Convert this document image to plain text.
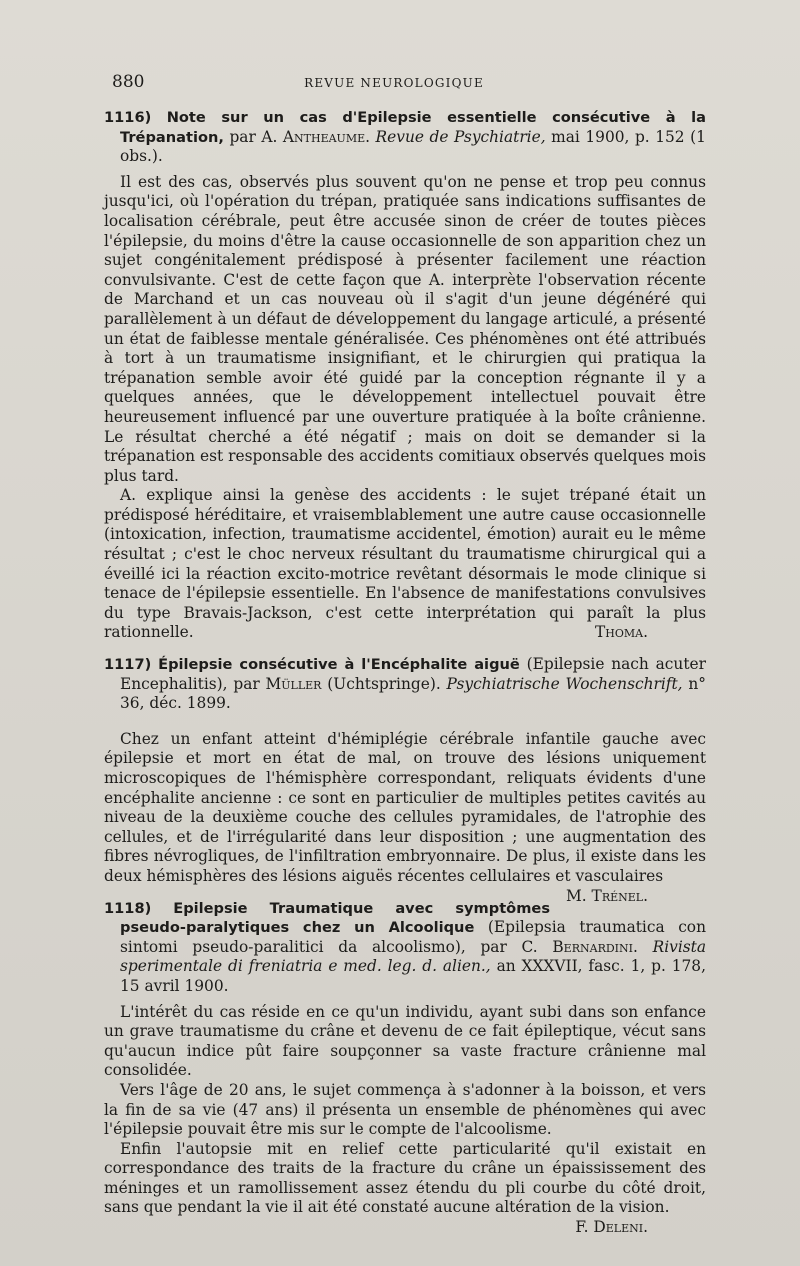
880	REVUE NEUROLOGIQUE

1116) Note sur un cas d'Epilepsie essentielle consécutive à la Trépanation, par A. Antheaume. Revue de Psychiatrie, mai 1900, p. 152 (1 obs.).

Il est des cas, observés plus souvent qu'on ne pense et trop peu connus jusqu'ici, où l'opération du trépan, pratiquée sans indications suffisantes de localisation cérébrale, peut être accusée sinon de créer de toutes pièces l'épilepsie, du moins d'être la cause occasionnelle de son apparition chez un sujet congénitalement prédisposé à présenter facilement une réaction convulsivante. C'est de cette façon que A. interprète l'observation récente de Marchand et un cas nouveau où il s'agit d'un jeune dégénéré qui parallèlement à un défaut de développement du langage articulé, a présenté un état de faiblesse mentale généralisée. Ces phénomènes ont été attribués à tort à un traumatisme insignifiant, et le chirurgien qui pratiqua la trépanation semble avoir été guidé par la conception régnante il y a quelques années, que le développement intellectuel pouvait être heureusement influencé par une ouverture pratiquée à la boîte crânienne. Le résultat cherché a été négatif ; mais on doit se demander si la trépanation est responsable des accidents comitiaux observés quelques mois plus tard.

A. explique ainsi la genèse des accidents : le sujet trépané était un prédisposé héréditaire, et vraisemblablement une autre cause occasionnelle (intoxication, infection, traumatisme accidentel, émotion) aurait eu le même résultat ; c'est le choc nerveux résultant du traumatisme chirurgical qui a éveillé ici la réaction excito-motrice revêtant désormais le mode clinique si tenace de l'épilepsie essentielle. En l'absence de manifestations convulsives du type Bravais-Jackson, c'est cette interprétation qui paraît la plus rationnelle.	Thoma.

1117) Épilepsie consécutive à l'Encéphalite aiguë (Epilepsie nach acuter Encephalitis), par Müller (Uchtspringe). Psychiatrische Wochenschrift, n° 36, déc. 1899.

Chez un enfant atteint d'hémiplégie cérébrale infantile gauche avec épilepsie et mort en état de mal, on trouve des lésions uniquement microscopiques de l'hémisphère correspondant, reliquats évidents d'une encéphalite ancienne : ce sont en particulier de multiples petites cavités au niveau de la deuxième couche des cellules pyramidales, de l'atrophie des cellules, et de l'irrégularité dans leur disposition ; une augmentation des fibres névrogliques, de l'infiltration embryonnaire. De plus, il existe dans les deux hémisphères des lésions aiguës récentes cellulaires et vasculaires
M. Trénel.

1118) Epilepsie Traumatique avec symptômes pseudo-paralytiques chez un Alcoolique (Epilepsia traumatica con sintomi pseudo-paralitici da alcoolismo), par C. Bernardini. Rivista sperimentale di freniatria e med. leg. d. alien., an XXXVII, fasc. 1, p. 178, 15 avril 1900.

L'intérêt du cas réside en ce qu'un individu, ayant subi dans son enfance un grave traumatisme du crâne et devenu de ce fait épileptique, vécut sans qu'aucun indice pût faire soupçonner sa vaste fracture crânienne mal consolidée.

Vers l'âge de 20 ans, le sujet commença à s'adonner à la boisson, et vers la fin de sa vie (47 ans) il présenta un ensemble de phénomènes qui avec l'épilepsie pouvait être mis sur le compte de l'alcoolisme.

Enfin l'autopsie mit en relief cette particularité qu'il existait en correspondance des traits de la fracture du crâne un épaississement des méninges et un ramollissement assez étendu du pli courbe du côté droit, sans que pendant la vie il ait été constaté aucune altération de la vision.
F. Deleni.
